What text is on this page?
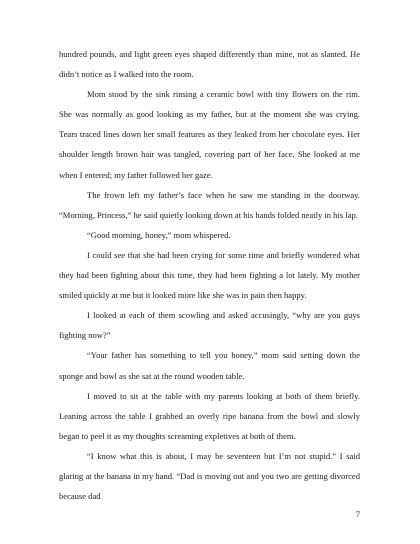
hundred pounds, and light green eyes shaped differently than mine, not as slanted. He didn’t notice as I walked into the room.

Mom stood by the sink rinsing a ceramic bowl with tiny flowers on the rim. She was normally as good looking as my father, but at the moment she was crying. Tears traced lines down her small features as they leaked from her chocolate eyes. Her shoulder length brown hair was tangled, covering part of her face. She looked at me when I entered; my father followed her gaze.

The frown left my father’s face when he saw me standing in the doorway. “Morning, Princess,” he said quietly looking down at his hands folded neatly in his lap.

“Good morning, honey,” mom whispered.

I could see that she had been crying for some time and briefly wondered what they had been fighting about this time, they had been fighting a lot lately. My mother smiled quickly at me but it looked more like she was in pain then happy.

I looked at each of them scowling and asked accusingly, “why are you guys fighting now?”

“Your father has something to tell you honey,” mom said setting down the sponge and bowl as she sat at the round wooden table.

I moved to sit at the table with my parents looking at both of them briefly. Leaning across the table I grabbed an overly ripe banana from the bowl and slowly began to peel it as my thoughts screaming expletives at both of them.

“I know what this is about, I may be seventeen but I’m not stupid.” I said glaring at the banana in my hand. “Dad is moving out and you two are getting divorced because dad

7
